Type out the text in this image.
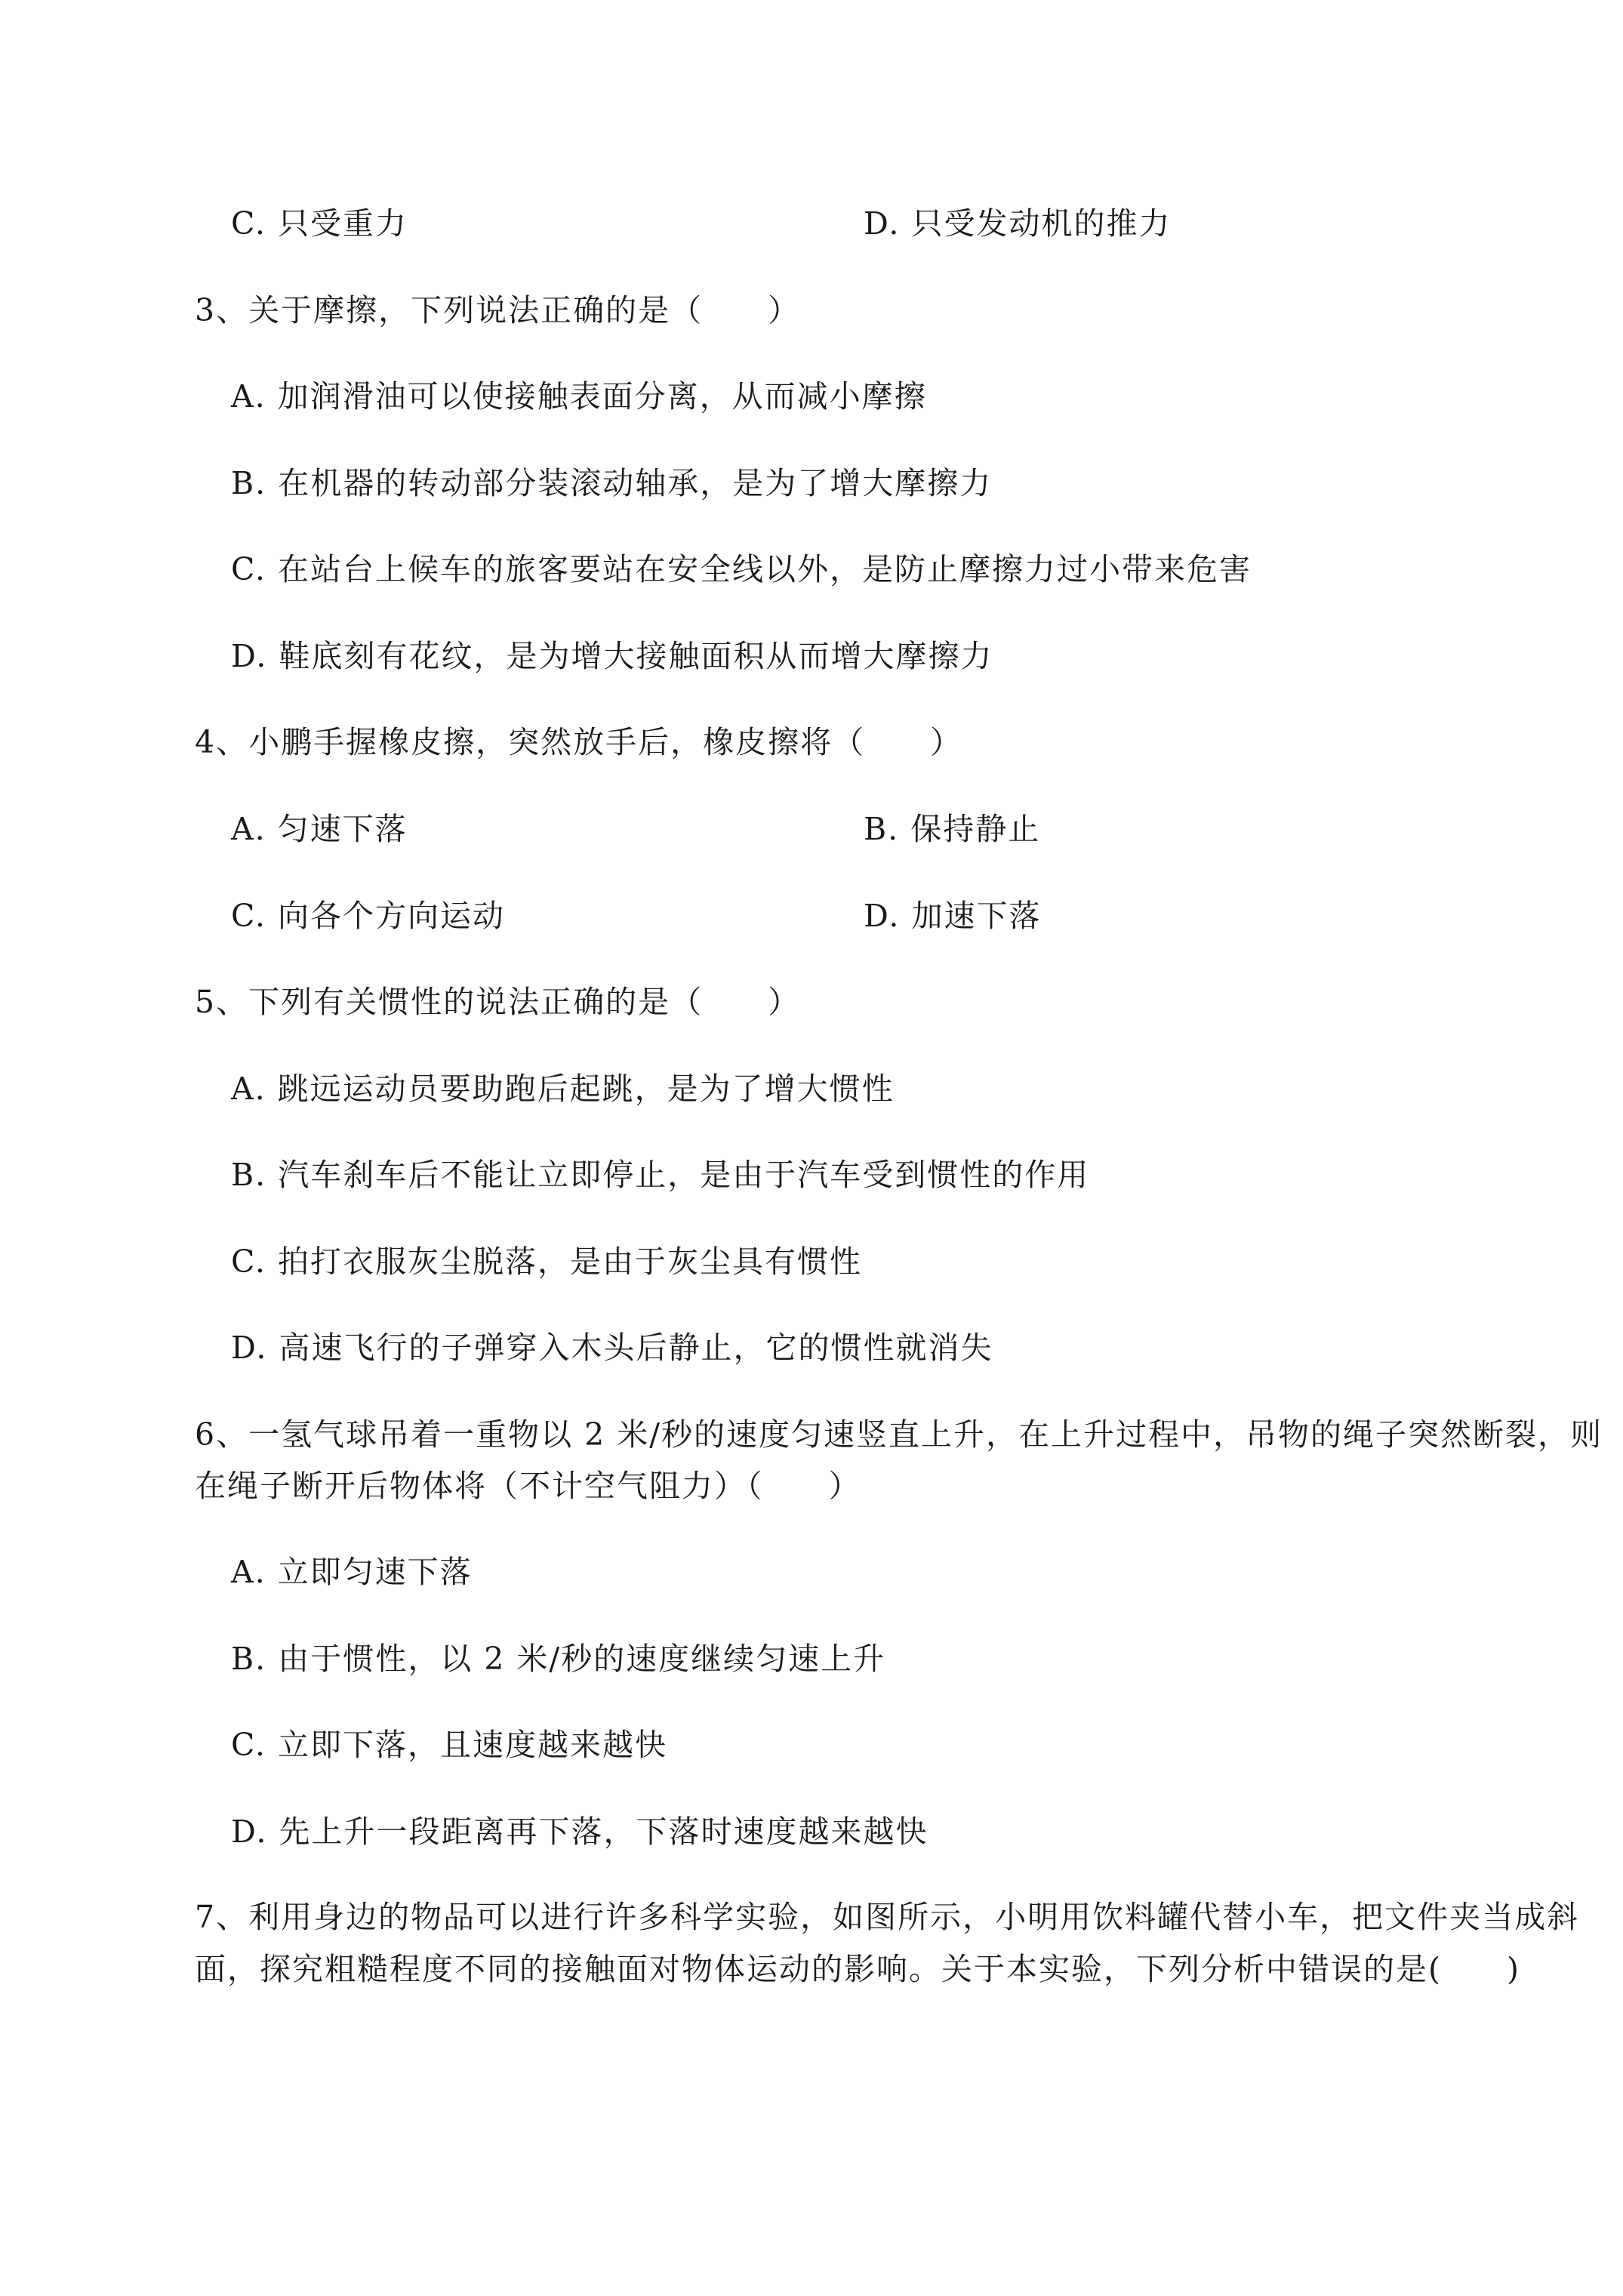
C. 只受重力	D. 只受发动机的推力
3、关于摩擦，下列说法正确的是（　　）
A. 加润滑油可以使接触表面分离，从而减小摩擦
B. 在机器的转动部分装滚动轴承，是为了增大摩擦力
C. 在站台上候车的旅客要站在安全线以外，是防止摩擦力过小带来危害
D. 鞋底刻有花纹，是为增大接触面积从而增大摩擦力
4、小鹏手握橡皮擦，突然放手后，橡皮擦将（　　）
A. 匀速下落	B. 保持静止
C. 向各个方向运动	D. 加速下落
5、下列有关惯性的说法正确的是（　　）
A. 跳远运动员要助跑后起跳，是为了增大惯性
B. 汽车刹车后不能让立即停止，是由于汽车受到惯性的作用
C. 拍打衣服灰尘脱落，是由于灰尘具有惯性
D. 高速飞行的子弹穿入木头后静止，它的惯性就消失
6、一氢气球吊着一重物以 2 米/秒的速度匀速竖直上升，在上升过程中，吊物的绳子突然断裂，则
在绳子断开后物体将（不计空气阻力）（　　）
A. 立即匀速下落
B. 由于惯性，以 2 米/秒的速度继续匀速上升
C. 立即下落，且速度越来越快
D. 先上升一段距离再下落，下落时速度越来越快
7、利用身边的物品可以进行许多科学实验，如图所示，小明用饮料罐代替小车，把文件夹当成斜
面，探究粗糙程度不同的接触面对物体运动的影响。关于本实验，下列分析中错误的是(　　)
